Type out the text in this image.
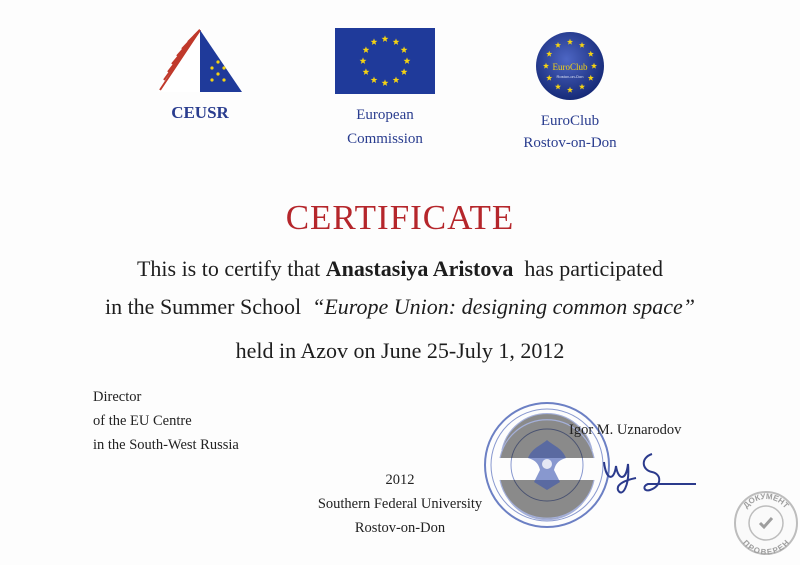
CEUSR	European
Commission
EuroClub
Rostov-on-Don
EuroClub
Rostov-on-Don
CERTIFICATE
This is to certify that Anastasiya Aristova  has participated
in the Summer School  “Europe Union: designing common space”
held in Azov on June 25-July 1, 2012
Director
of the EU Centre
in the South-West Russia
Igor M. Uznarodov
2012
Southern Federal University
Rostov-on-Don
ДОКУМЕНТ
ПРОВЕРЕН
